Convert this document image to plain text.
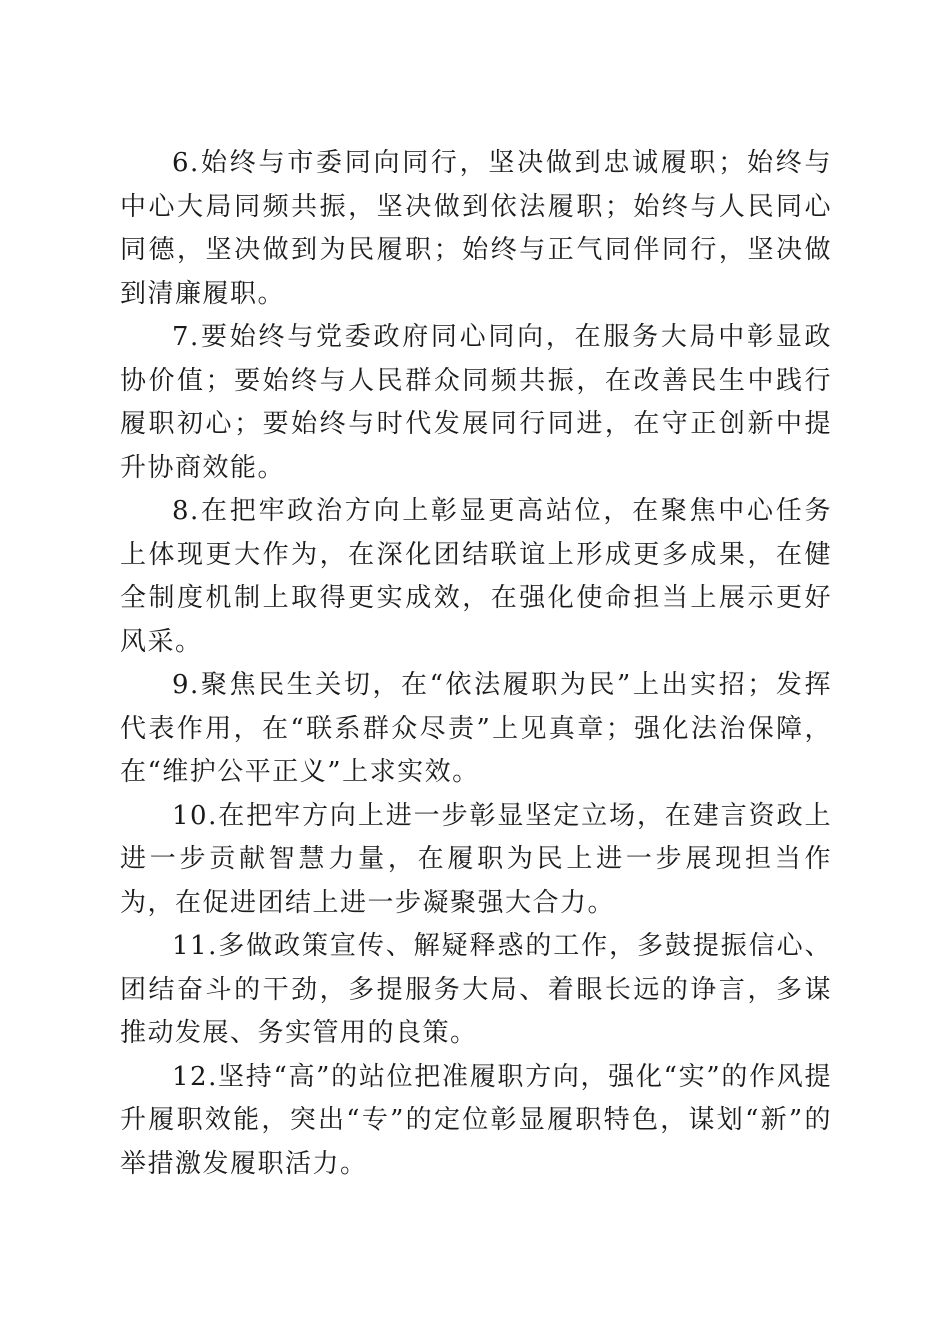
6.始终与市委同向同行，坚决做到忠诚履职；始终与中心大局同频共振，坚决做到依法履职；始终与人民同心同德，坚决做到为民履职；始终与正气同伴同行，坚决做到清廉履职。

7.要始终与党委政府同心同向，在服务大局中彰显政协价值；要始终与人民群众同频共振，在改善民生中践行履职初心；要始终与时代发展同行同进，在守正创新中提升协商效能。

8.在把牢政治方向上彰显更高站位，在聚焦中心任务上体现更大作为，在深化团结联谊上形成更多成果，在健全制度机制上取得更实成效，在强化使命担当上展示更好风采。

9.聚焦民生关切，在“依法履职为民”上出实招；发挥代表作用，在“联系群众尽责”上见真章；强化法治保障，在“维护公平正义”上求实效。

10.在把牢方向上进一步彰显坚定立场，在建言资政上进一步贡献智慧力量，在履职为民上进一步展现担当作为，在促进团结上进一步凝聚强大合力。

11.多做政策宣传、解疑释惑的工作，多鼓提振信心、团结奋斗的干劲，多提服务大局、着眼长远的诤言，多谋推动发展、务实管用的良策。

12.坚持“高”的站位把准履职方向，强化“实”的作风提升履职效能，突出“专”的定位彰显履职特色，谋划“新”的举措激发履职活力。
